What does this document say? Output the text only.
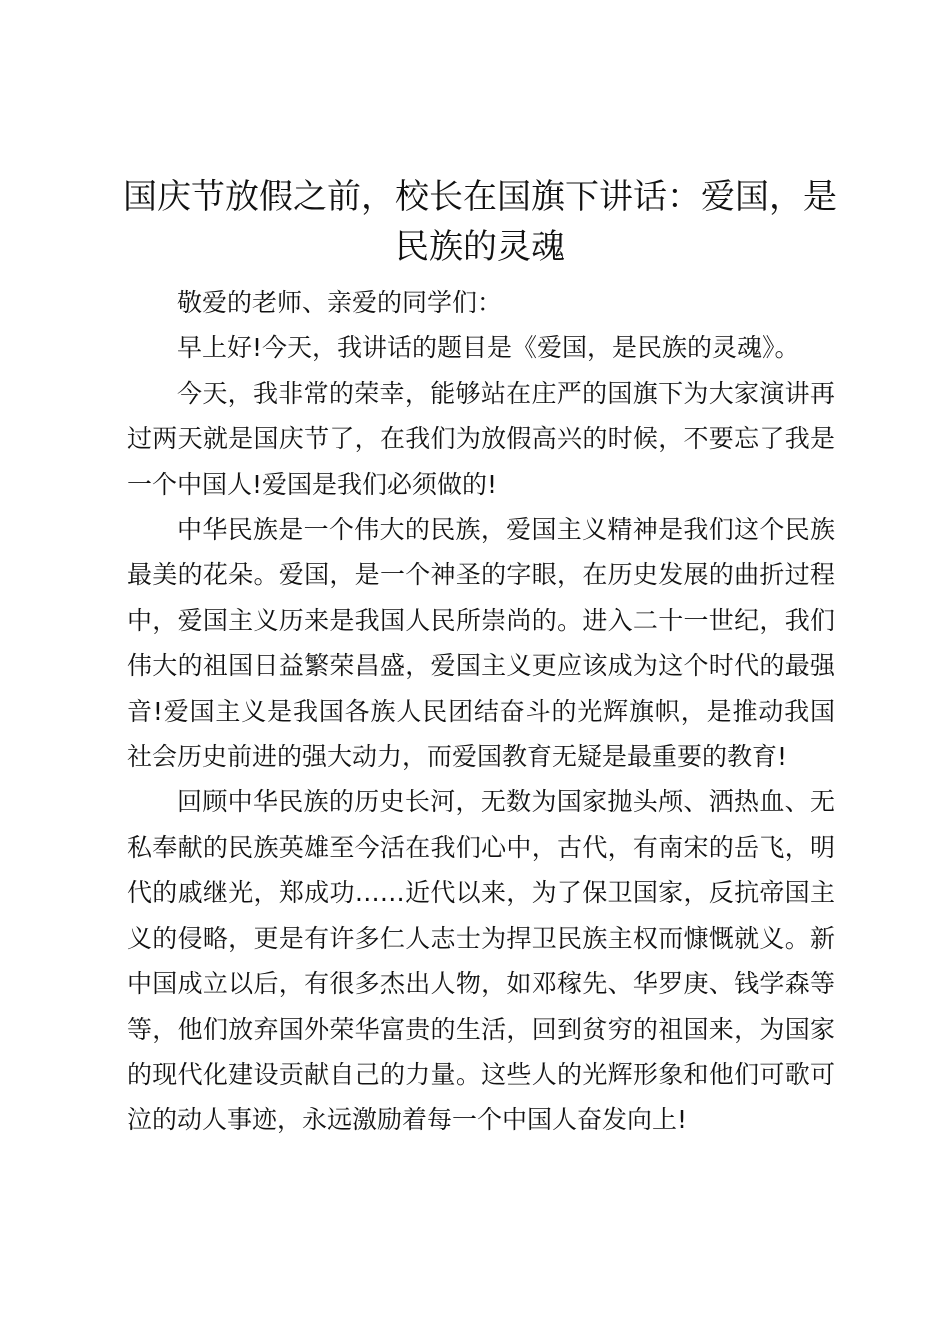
国庆节放假之前，校长在国旗下讲话：爱国，是民族的灵魂

敬爱的老师、亲爱的同学们：

早上好!今天，我讲话的题目是《爱国，是民族的灵魂》。

今天，我非常的荣幸，能够站在庄严的国旗下为大家演讲再过两天就是国庆节了，在我们为放假高兴的时候，不要忘了我是一个中国人!爱国是我们必须做的!

中华民族是一个伟大的民族，爱国主义精神是我们这个民族最美的花朵。爱国，是一个神圣的字眼，在历史发展的曲折过程中，爱国主义历来是我国人民所崇尚的。进入二十一世纪，我们伟大的祖国日益繁荣昌盛，爱国主义更应该成为这个时代的最强音!爱国主义是我国各族人民团结奋斗的光辉旗帜，是推动我国社会历史前进的强大动力，而爱国教育无疑是最重要的教育!

回顾中华民族的历史长河，无数为国家抛头颅、洒热血、无私奉献的民族英雄至今活在我们心中，古代，有南宋的岳飞，明代的戚继光，郑成功……近代以来，为了保卫国家，反抗帝国主义的侵略，更是有许多仁人志士为捍卫民族主权而慷慨就义。新中国成立以后，有很多杰出人物，如邓稼先、华罗庚、钱学森等等，他们放弃国外荣华富贵的生活，回到贫穷的祖国来，为国家的现代化建设贡献自己的力量。这些人的光辉形象和他们可歌可泣的动人事迹，永远激励着每一个中国人奋发向上!
